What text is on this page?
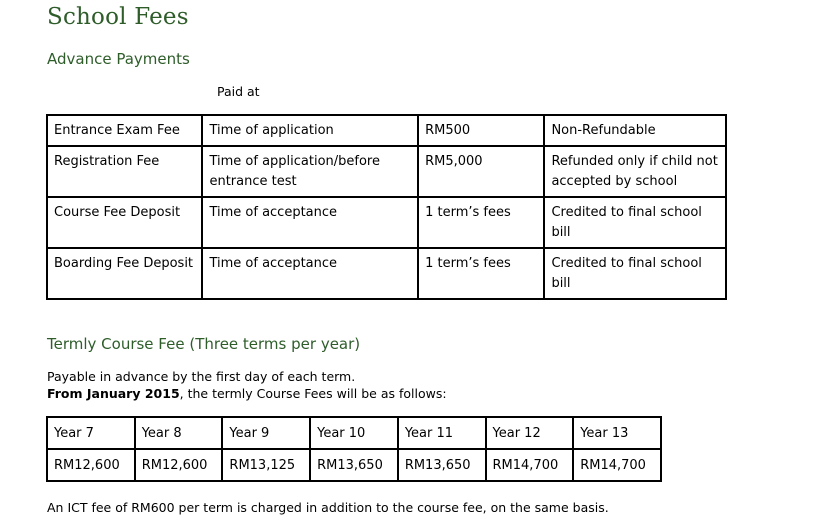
School Fees
Advance Payments
Paid at
Entrance Exam Fee	Time of application	RM500	Non-Refundable
Registration Fee	Time of application/before entrance test	RM5,000	Refunded only if child not accepted by school
Course Fee Deposit	Time of acceptance	1 term’s fees	Credited to final school bill
Boarding Fee Deposit	Time of acceptance	1 term’s fees	Credited to final school bill
Termly Course Fee (Three terms per year)
Payable in advance by the first day of each term.
From January 2015, the termly Course Fees will be as follows:
Year 7	Year 8	Year 9	Year 10	Year 11	Year 12	Year 13
RM12,600	RM12,600	RM13,125	RM13,650	RM13,650	RM14,700	RM14,700
An ICT fee of RM600 per term is charged in addition to the course fee, on the same basis.
